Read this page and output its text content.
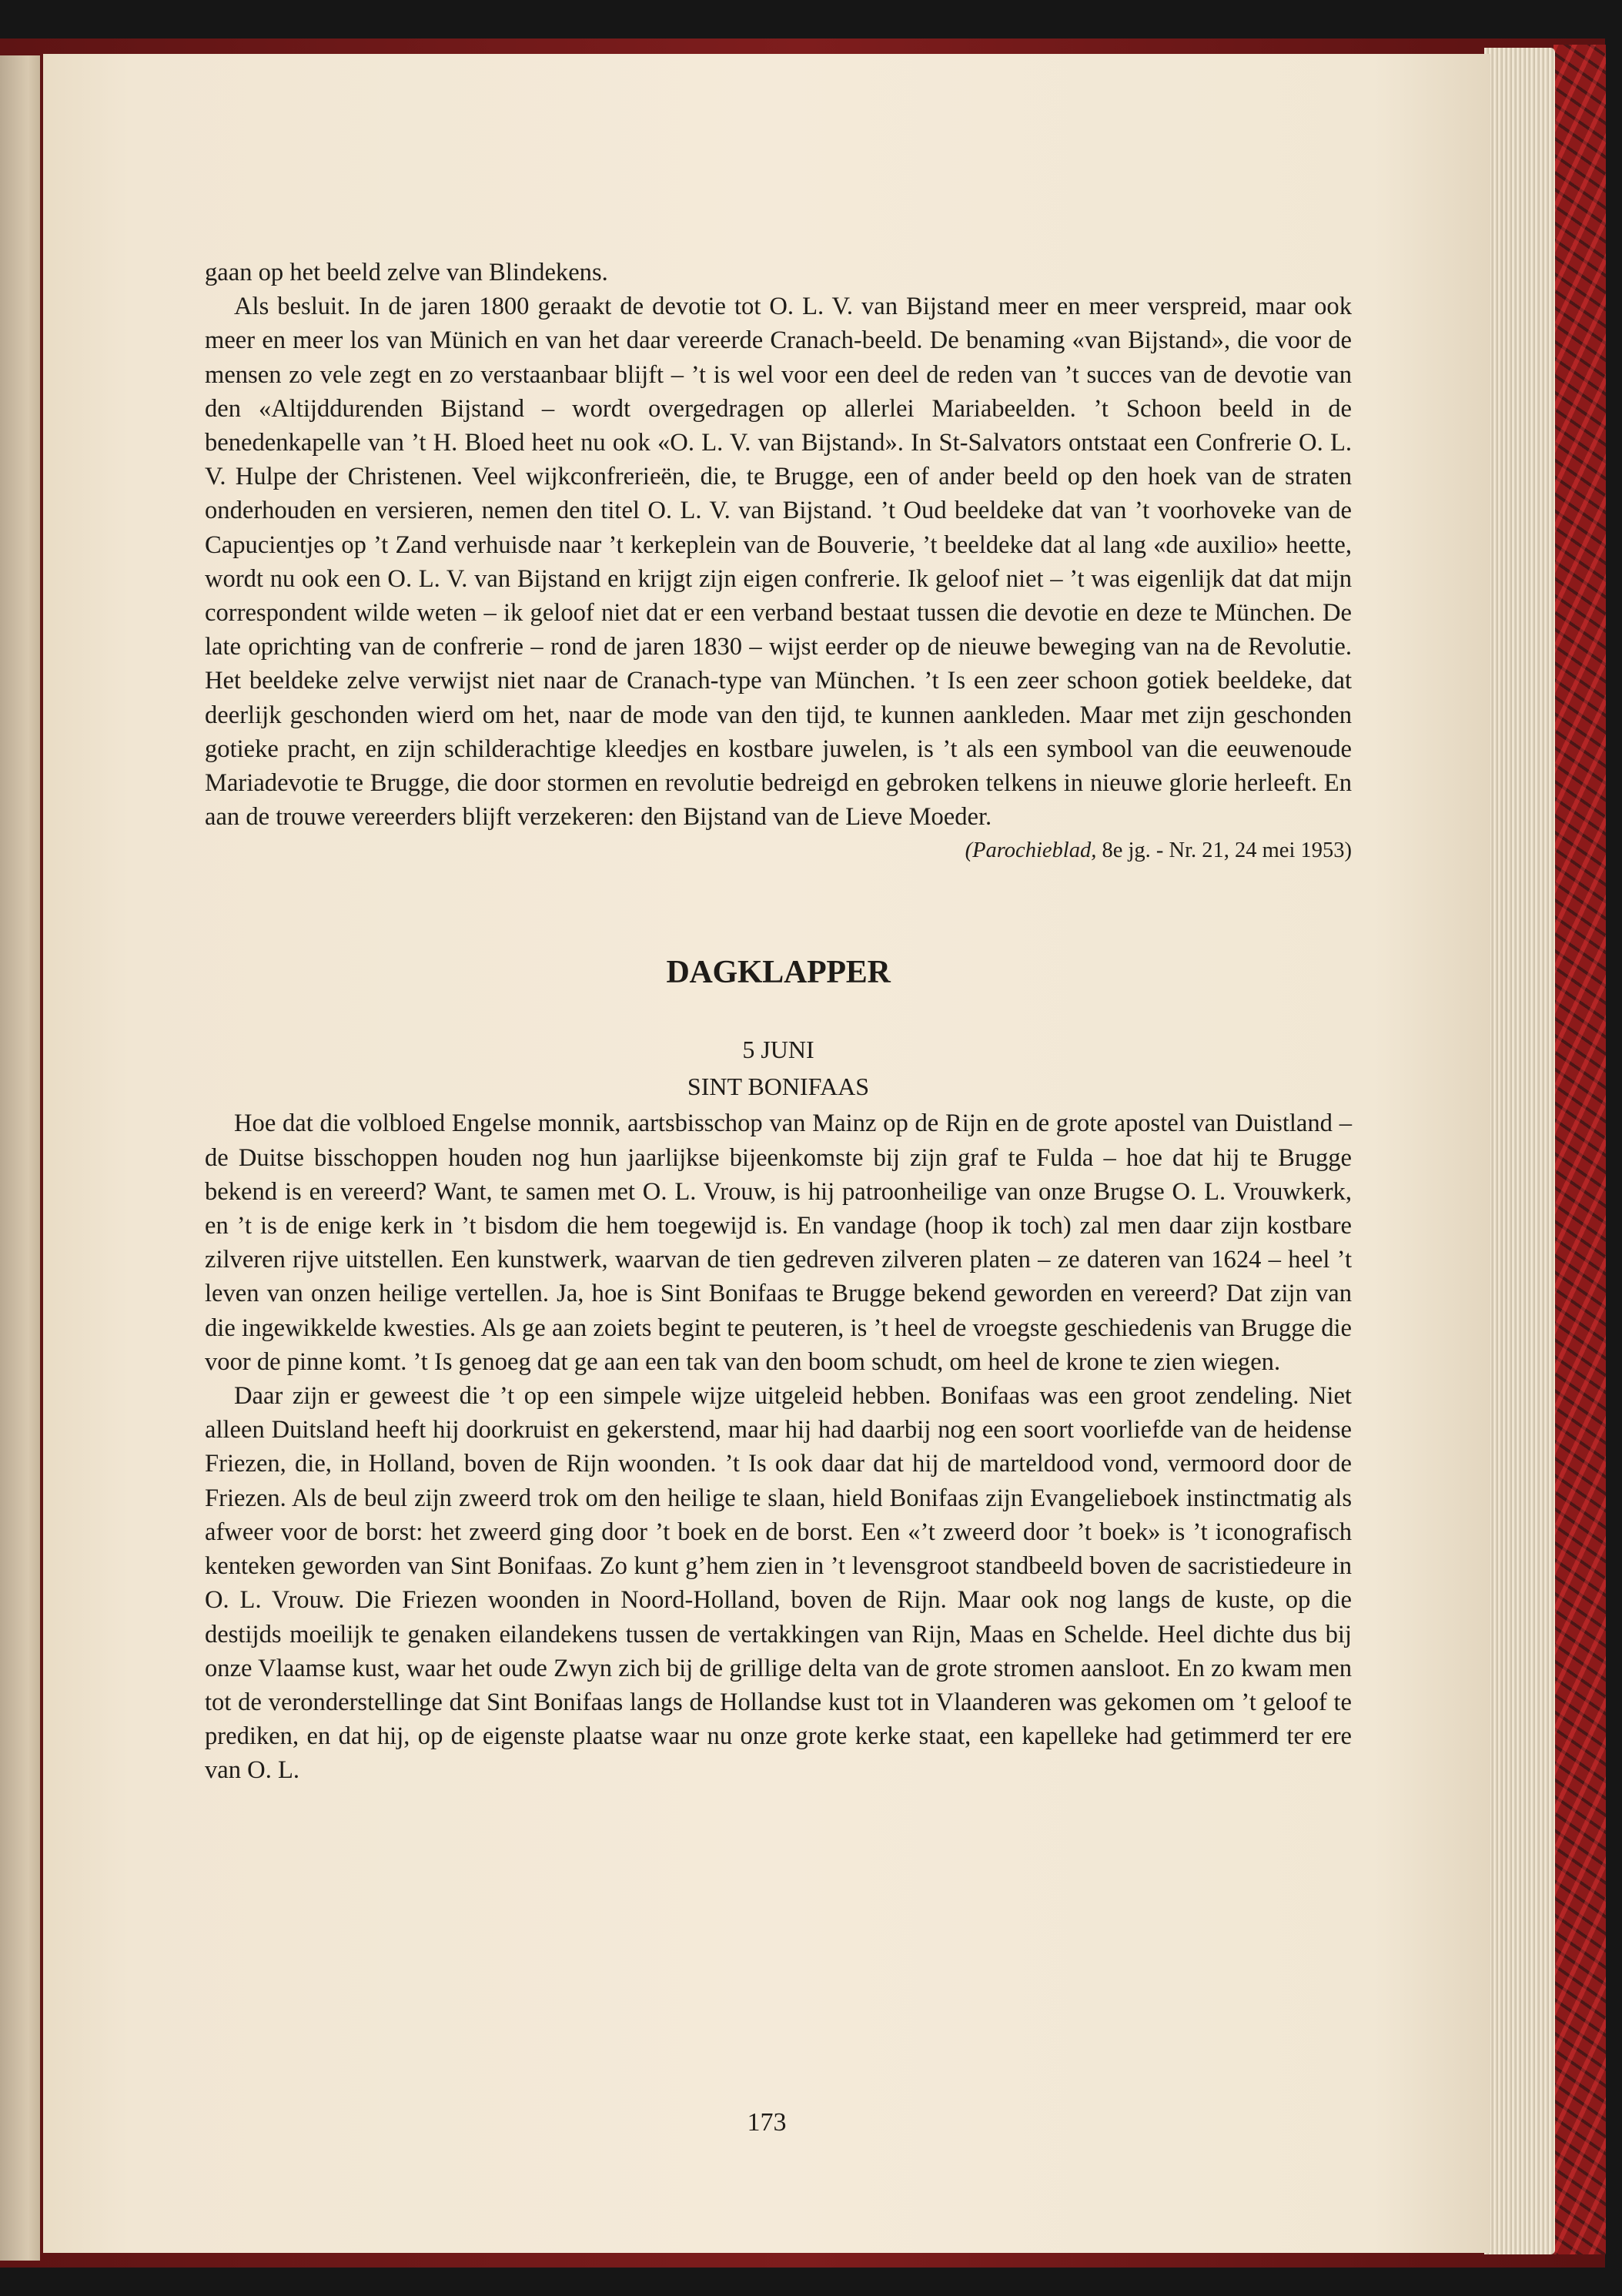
gaan op het beeld zelve van Blindekens.

Als besluit. In de jaren 1800 geraakt de devotie tot O. L. V. van Bijstand meer en meer verspreid, maar ook meer en meer los van Münich en van het daar vereerde Cranach-beeld. De benaming «van Bijstand», die voor de mensen zo vele zegt en zo verstaanbaar blijft – ’t is wel voor een deel de reden van ’t succes van de devotie van den «Altijddurenden Bijstand – wordt overgedragen op allerlei Mariabeelden. ’t Schoon beeld in de benedenkapelle van ’t H. Bloed heet nu ook «O. L. V. van Bijstand». In St-Salvators ontstaat een Confrerie O. L. V. Hulpe der Christenen. Veel wijkconfrerieën, die, te Brugge, een of ander beeld op den hoek van de straten onderhouden en versieren, nemen den titel O. L. V. van Bijstand. ’t Oud beeldeke dat van ’t voorhoveke van de Capucientjes op ’t Zand verhuisde naar ’t kerkeplein van de Bouverie, ’t beeldeke dat al lang «de auxilio» heette, wordt nu ook een O. L. V. van Bijstand en krijgt zijn eigen confrerie. Ik geloof niet – ’t was eigenlijk dat dat mijn correspondent wilde weten – ik geloof niet dat er een verband bestaat tussen die devotie en deze te München. De late oprichting van de confrerie – rond de jaren 1830 – wijst eerder op de nieuwe beweging van na de Revolutie. Het beeldeke zelve verwijst niet naar de Cranach-type van München. ’t Is een zeer schoon gotiek beeldeke, dat deerlijk geschonden wierd om het, naar de mode van den tijd, te kunnen aankleden. Maar met zijn geschonden gotieke pracht, en zijn schilderachtige kleedjes en kostbare juwelen, is ’t als een symbool van die eeuwenoude Mariadevotie te Brugge, die door stormen en revolutie bedreigd en gebroken telkens in nieuwe glorie herleeft. En aan de trouwe vereerders blijft verzekeren: den Bijstand van de Lieve Moeder.

(Parochieblad, 8e jg. - Nr. 21, 24 mei 1953)

DAGKLAPPER
5 JUNI
SINT BONIFAAS

Hoe dat die volbloed Engelse monnik, aartsbisschop van Mainz op de Rijn en de grote apostel van Duistland – de Duitse bisschoppen houden nog hun jaarlijkse bijeenkomste bij zijn graf te Fulda – hoe dat hij te Brugge bekend is en vereerd? Want, te samen met O. L. Vrouw, is hij patroonheilige van onze Brugse O. L. Vrouwkerk, en ’t is de enige kerk in ’t bisdom die hem toegewijd is. En vandage (hoop ik toch) zal men daar zijn kostbare zilveren rijve uitstellen. Een kunstwerk, waarvan de tien gedreven zilveren platen – ze dateren van 1624 – heel ’t leven van onzen heilige vertellen. Ja, hoe is Sint Bonifaas te Brugge bekend geworden en vereerd? Dat zijn van die ingewikkelde kwesties. Als ge aan zoiets begint te peuteren, is ’t heel de vroegste geschiedenis van Brugge die voor de pinne komt. ’t Is genoeg dat ge aan een tak van den boom schudt, om heel de krone te zien wiegen.

Daar zijn er geweest die ’t op een simpele wijze uitgeleid hebben. Bonifaas was een groot zendeling. Niet alleen Duitsland heeft hij doorkruist en gekerstend, maar hij had daarbij nog een soort voorliefde van de heidense Friezen, die, in Holland, boven de Rijn woonden. ’t Is ook daar dat hij de marteldood vond, vermoord door de Friezen. Als de beul zijn zweerd trok om den heilige te slaan, hield Bonifaas zijn Evangelieboek instinctmatig als afweer voor de borst: het zweerd ging door ’t boek en de borst. Een «’t zweerd door ’t boek» is ’t iconografisch kenteken geworden van Sint Bonifaas. Zo kunt g’hem zien in ’t levensgroot standbeeld boven de sacristiedeure in O. L. Vrouw. Die Friezen woonden in Noord-Holland, boven de Rijn. Maar ook nog langs de kuste, op die destijds moeilijk te genaken eilandekens tussen de vertakkingen van Rijn, Maas en Schelde. Heel dichte dus bij onze Vlaamse kust, waar het oude Zwyn zich bij de grillige delta van de grote stromen aansloot. En zo kwam men tot de veronderstellinge dat Sint Bonifaas langs de Hollandse kust tot in Vlaanderen was gekomen om ’t geloof te prediken, en dat hij, op de eigenste plaatse waar nu onze grote kerke staat, een kapelleke had getimmerd ter ere van O. L.

173
